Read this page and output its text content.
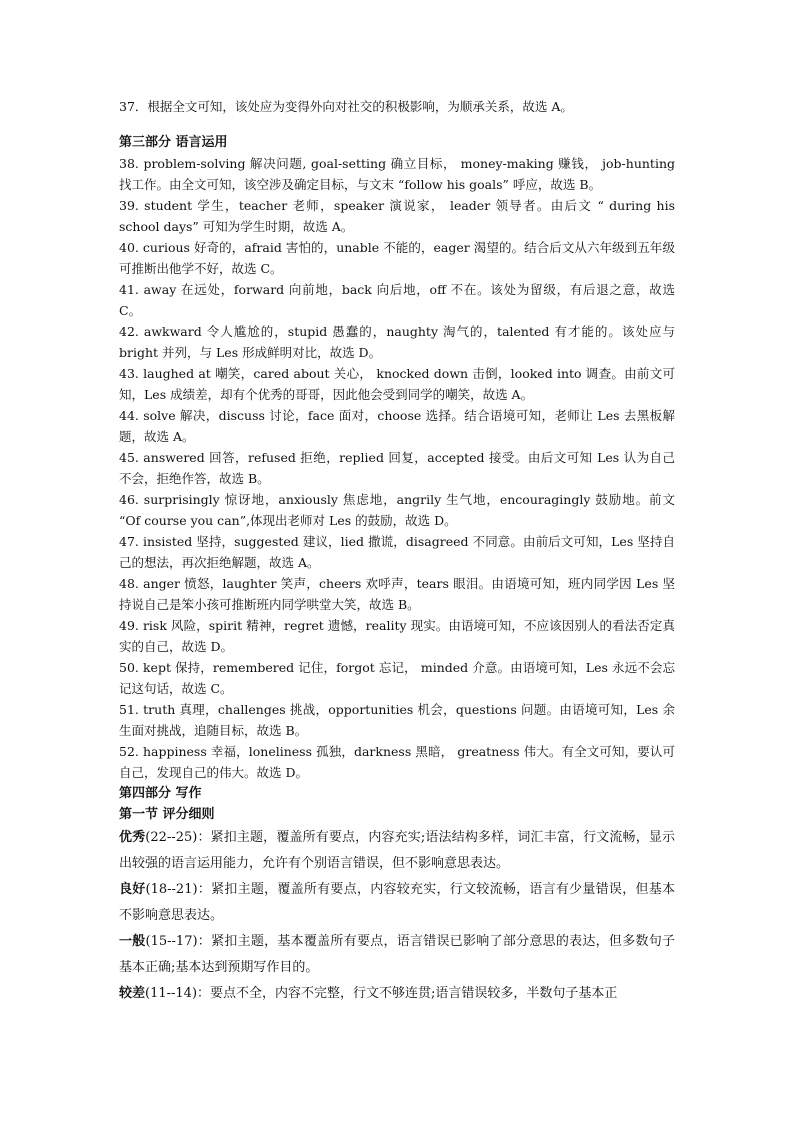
37．根据全文可知，该处应为变得外向对社交的积极影响，为顺承关系，故选 A。

第三部分 语言运用

38. problem-solving 解决问题, goal-setting 确立目标， money-making 赚钱， job-hunting 找工作。由全文可知，该空涉及确定目标，与文末 “follow his goals” 呼应，故选 B。

39. student 学生，teacher 老师，speaker 演说家， leader 领导者。由后文 “ during his school days” 可知为学生时期，故选 A。

40. curious 好奇的，afraid 害怕的，unable 不能的，eager 渴望的。结合后文从六年级到五年级可推断出他学不好，故选 C。

41. away 在远处，forward 向前地，back 向后地，off 不在。该处为留级，有后退之意，故选 C。

42. awkward 令人尴尬的，stupid 愚蠢的，naughty 淘气的，talented 有才能的。该处应与 bright 并列，与 Les 形成鲜明对比，故选 D。

43. laughed at 嘲笑，cared about 关心， knocked down 击倒，looked into 调查。由前文可知，Les 成绩差，却有个优秀的哥哥，因此他会受到同学的嘲笑，故选 A。

44. solve 解决，discuss 讨论，face 面对，choose 选择。结合语境可知，老师让 Les 去黑板解题，故选 A。

45. answered 回答，refused 拒绝，replied 回复，accepted 接受。由后文可知 Les 认为自己不会，拒绝作答，故选 B。

46. surprisingly 惊讶地，anxiously 焦虑地，angrily 生气地，encouragingly 鼓励地。前文 “Of course you can”,体现出老师对 Les 的鼓励，故选 D。

47. insisted 坚持，suggested 建议，lied 撒谎，disagreed 不同意。由前后文可知，Les 坚持自己的想法，再次拒绝解题，故选 A。

48. anger 愤怒，laughter 笑声，cheers 欢呼声，tears 眼泪。由语境可知，班内同学因 Les 坚持说自己是笨小孩可推断班内同学哄堂大笑，故选 B。

49. risk 风险，spirit 精神，regret 遗憾，reality 现实。由语境可知，不应该因别人的看法否定真实的自己，故选 D。

50. kept 保持，remembered 记住，forgot 忘记， minded 介意。由语境可知，Les 永远不会忘记这句话，故选 C。

51. truth 真理，challenges 挑战，opportunities 机会，questions 问题。由语境可知，Les 余生面对挑战，追随目标，故选 B。

52. happiness 幸福，loneliness 孤独，darkness 黑暗， greatness 伟大。有全文可知，要认可自己，发现自己的伟大。故选 D。

第四部分 写作

第一节 评分细则

优秀(22--25)：紧扣主题，覆盖所有要点，内容充实;语法结构多样，词汇丰富，行文流畅，显示出较强的语言运用能力，允许有个别语言错误，但不影响意思表达。

良好(18--21)：紧扣主题，覆盖所有要点，内容较充实，行文较流畅，语言有少量错误，但基本不影响意思表达。

一般(15--17)：紧扣主题，基本覆盖所有要点，语言错误已影响了部分意思的表达，但多数句子基本正确;基本达到预期写作目的。

较差(11--14)：要点不全，内容不完整，行文不够连贯;语言错误较多，半数句子基本正
